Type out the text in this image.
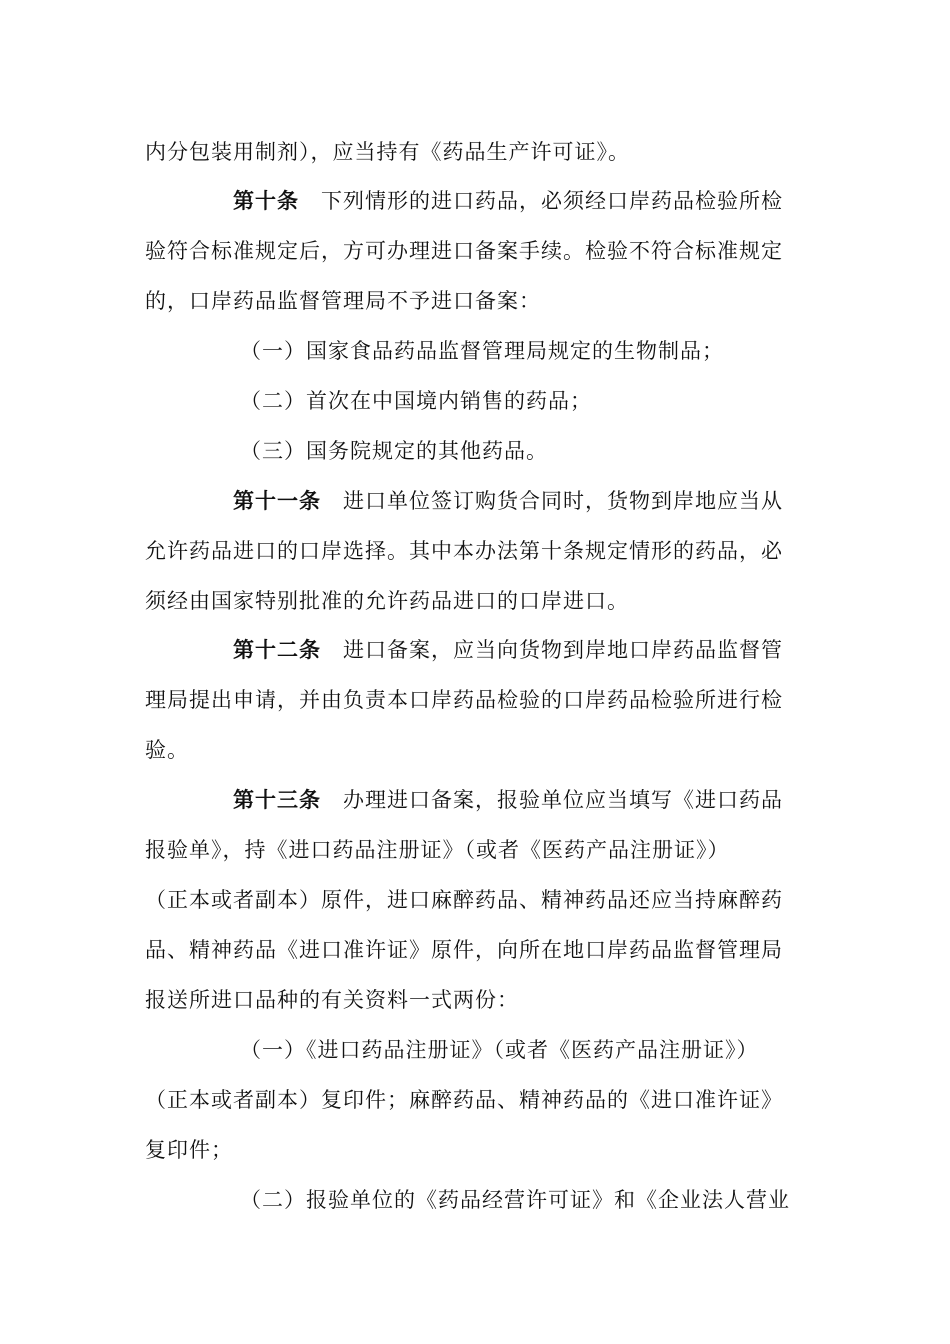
内分包装用制剂），应当持有《药品生产许可证》。
第十条 下列情形的进口药品，必须经口岸药品检验所检
验符合标准规定后，方可办理进口备案手续。检验不符合标准规定
的，口岸药品监督管理局不予进口备案：
（一）国家食品药品监督管理局规定的生物制品；
（二）首次在中国境内销售的药品；
（三）国务院规定的其他药品。
第十一条 进口单位签订购货合同时，货物到岸地应当从
允许药品进口的口岸选择。其中本办法第十条规定情形的药品，必
须经由国家特别批准的允许药品进口的口岸进口。
第十二条 进口备案，应当向货物到岸地口岸药品监督管
理局提出申请，并由负责本口岸药品检验的口岸药品检验所进行检
验。
第十三条 办理进口备案，报验单位应当填写《进口药品
报验单》，持《进口药品注册证》（或者《医药产品注册证》）
（正本或者副本）原件，进口麻醉药品、精神药品还应当持麻醉药
品、精神药品《进口准许证》原件，向所在地口岸药品监督管理局
报送所进口品种的有关资料一式两份：
（一）《进口药品注册证》（或者《医药产品注册证》）
（正本或者副本）复印件；麻醉药品、精神药品的《进口准许证》
复印件；
（二）报验单位的《药品经营许可证》和《企业法人营业
